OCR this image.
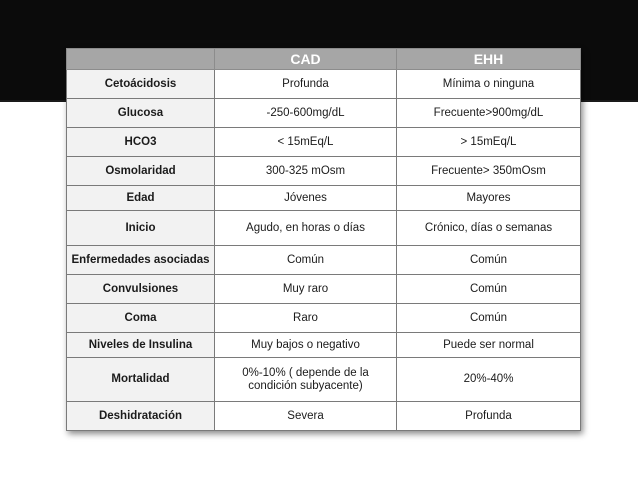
	CAD	EHH
Cetoácidosis	Profunda	Mínima o ninguna
Glucosa	-250-600mg/dL	Frecuente>900mg/dL
HCO3	< 15mEq/L	> 15mEq/L
Osmolaridad	300-325 mOsm	Frecuente> 350mOsm
Edad	Jóvenes	Mayores
Inicio	Agudo, en horas o días	Crónico, días o semanas
Enfermedades asociadas	Común	Común
Convulsiones	Muy raro	Común
Coma	Raro	Común
Niveles de Insulina	Muy bajos o negativo	Puede ser normal
Mortalidad	0%-10% ( depende de la condición subyacente)	20%-40%
Deshidratación	Severa	Profunda
